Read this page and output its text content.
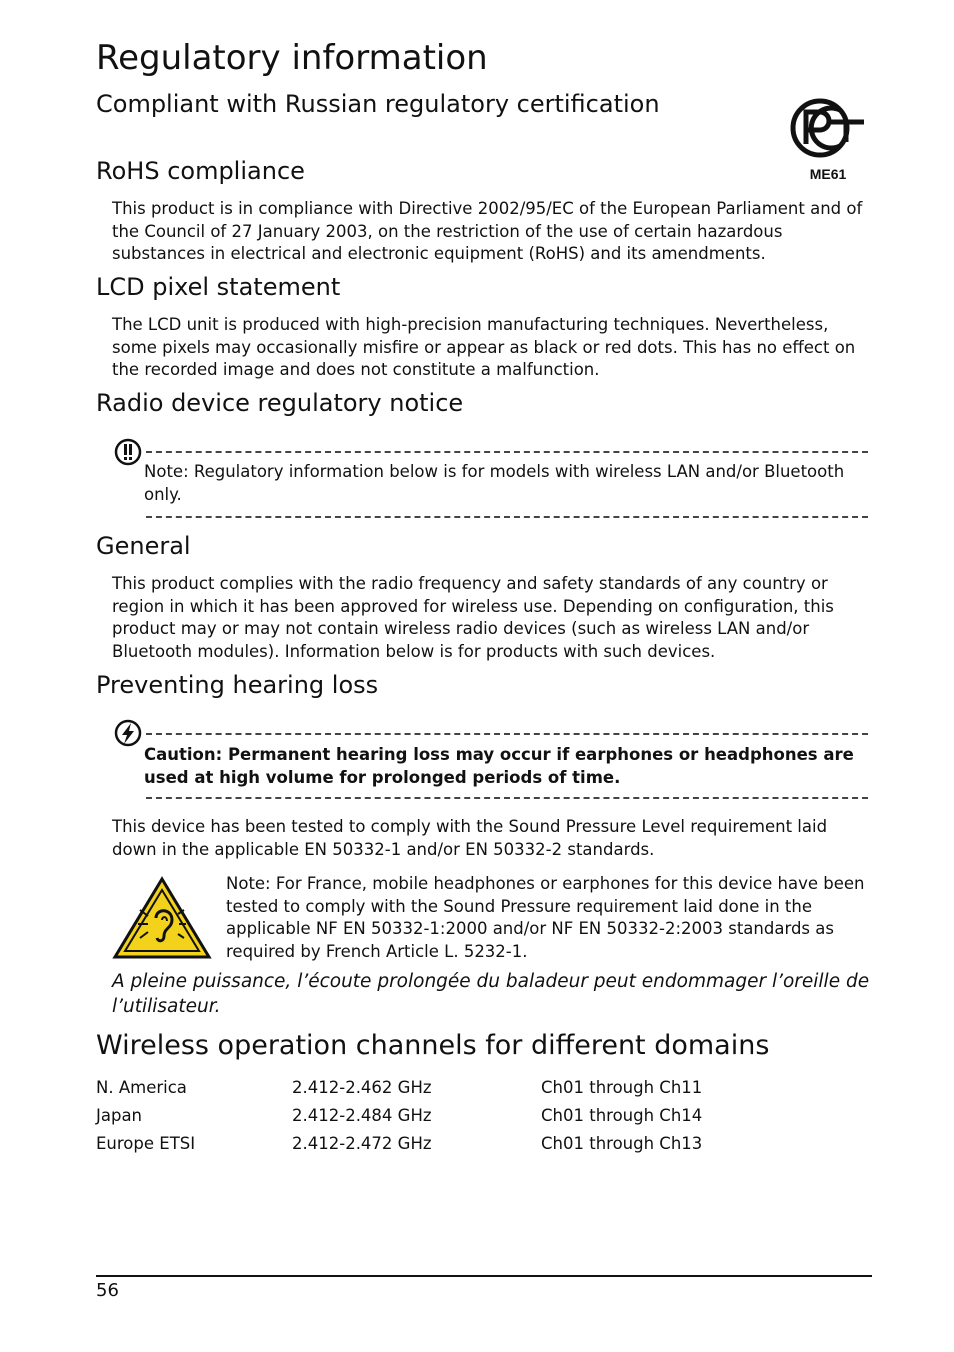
Regulatory information
Compliant with Russian regulatory certification
ME61
RoHS compliance

This product is in compliance with Directive 2002/95/EC of the European Parliament and of the Council of 27 January 2003, on the restriction of the use of certain hazardous substances in electrical and electronic equipment (RoHS) and its amendments.

LCD pixel statement

The LCD unit is produced with high-precision manufacturing techniques. Nevertheless, some pixels may occasionally misfire or appear as black or red dots. This has no effect on the recorded image and does not constitute a malfunction.

Radio device regulatory notice

Note: Regulatory information below is for models with wireless LAN and/or Bluetooth only.

General

This product complies with the radio frequency and safety standards of any country or region in which it has been approved for wireless use. Depending on configuration, this product may or may not contain wireless radio devices (such as wireless LAN and/or Bluetooth modules). Information below is for products with such devices.

Preventing hearing loss

Caution: Permanent hearing loss may occur if earphones or headphones are used at high volume for prolonged periods of time.

This device has been tested to comply with the Sound Pressure Level requirement laid down in the applicable EN 50332-1 and/or EN 50332-2 standards.

Note: For France, mobile headphones or earphones for this device have been tested to comply with the Sound Pressure requirement laid done in the applicable NF EN 50332-1:2000 and/or NF EN 50332-2:2003 standards as required by French Article L. 5232-1.

A pleine puissance, l’écoute prolongée du baladeur peut endommager l’oreille de l’utilisateur.

Wireless operation channels for different domains
N. America	2.412-2.462 GHz	Ch01 through Ch11
Japan	2.412-2.484 GHz	Ch01 through Ch14
Europe ETSI	2.412-2.472 GHz	Ch01 through Ch13
56
